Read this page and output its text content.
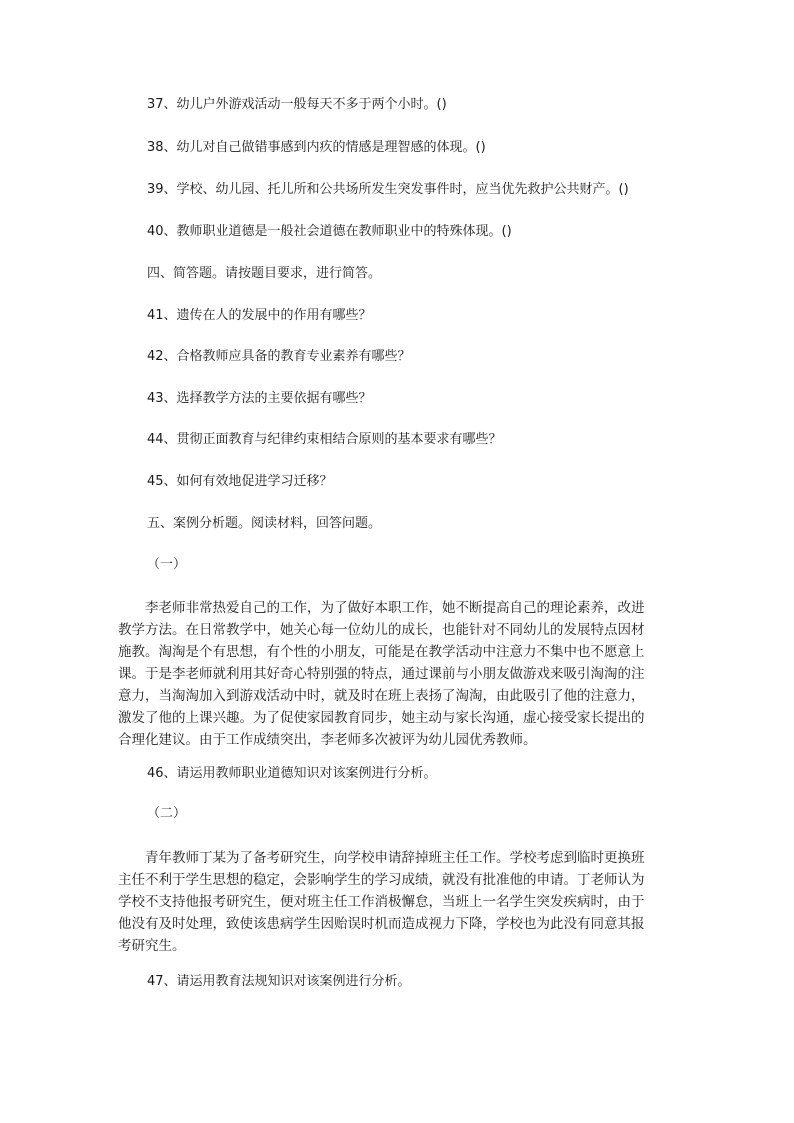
37、幼儿户外游戏活动一般每天不多于两个小时。()
38、幼儿对自己做错事感到内疚的情感是理智感的体现。()
39、学校、幼儿园、托儿所和公共场所发生突发事件时，应当优先救护公共财产。()
40、教师职业道德是一般社会道德在教师职业中的特殊体现。()
四、简答题。请按题目要求，进行简答。
41、遗传在人的发展中的作用有哪些？
42、合格教师应具备的教育专业素养有哪些？
43、选择教学方法的主要依据有哪些？
44、贯彻正面教育与纪律约束相结合原则的基本要求有哪些？
45、如何有效地促进学习迁移？
五、案例分析题。阅读材料，回答问题。
（一）
李老师非常热爱自己的工作，为了做好本职工作，她不断提高自己的理论素养，改进
教学方法。在日常教学中，她关心每一位幼儿的成长，也能针对不同幼儿的发展特点因材
施教。淘淘是个有思想，有个性的小朋友，可能是在教学活动中注意力不集中也不愿意上
课。于是李老师就利用其好奇心特别强的特点，通过课前与小朋友做游戏来吸引淘淘的注
意力，当淘淘加入到游戏活动中时，就及时在班上表扬了淘淘，由此吸引了他的注意力，
激发了他的上课兴趣。为了促使家园教育同步，她主动与家长沟通，虚心接受家长提出的
合理化建议。由于工作成绩突出，李老师多次被评为幼儿园优秀教师。
46、请运用教师职业道德知识对该案例进行分析。
（二）
青年教师丁某为了备考研究生，向学校申请辞掉班主任工作。学校考虑到临时更换班
主任不利于学生思想的稳定，会影响学生的学习成绩，就没有批准他的申请。丁老师认为
学校不支持他报考研究生，便对班主任工作消极懈怠，当班上一名学生突发疾病时，由于
他没有及时处理，致使该患病学生因贻误时机而造成视力下降，学校也为此没有同意其报
考研究生。
47、请运用教育法规知识对该案例进行分析。
